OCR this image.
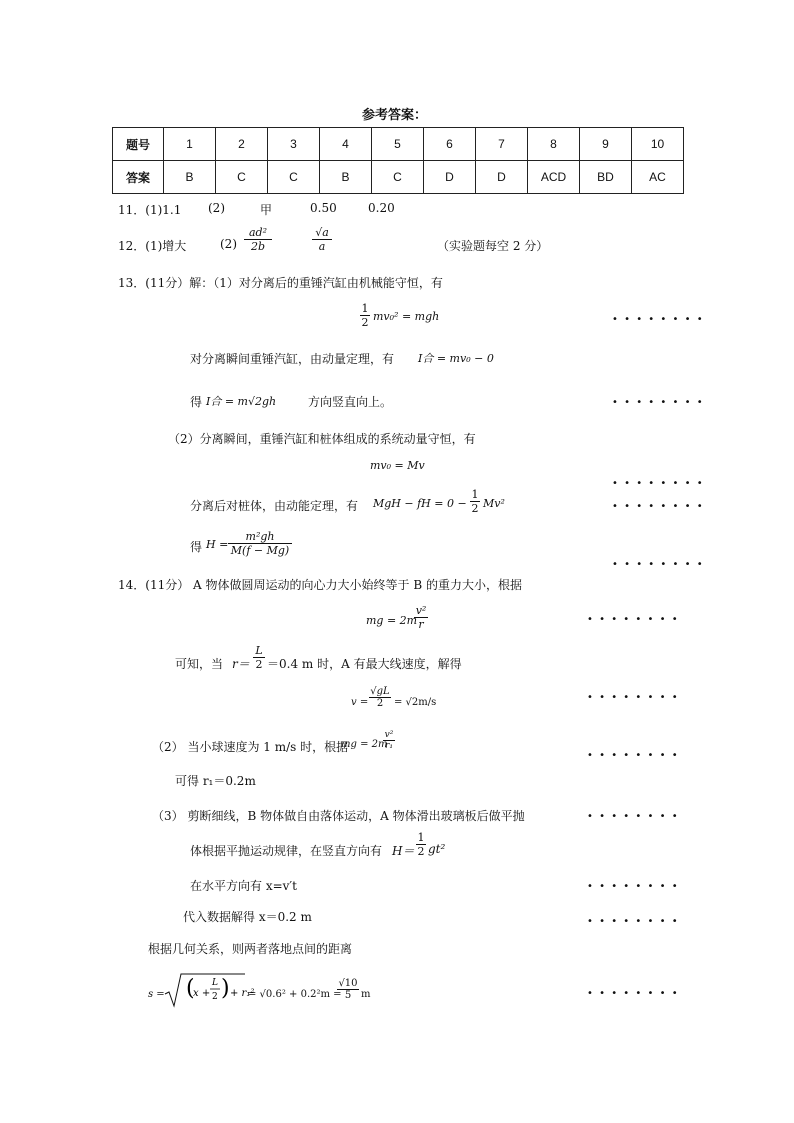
参考答案：
题号	1	2	3	4	5	6	7	8	9	10
答案	B	C	C	B	C	D	D	ACD	BD	AC
11．(1)1.1 (2)	甲	0.50	0.20
12．(1)增大	$(2) \frac{\text{ad²}}{2b}$	$\frac{√a}{a}$	（实验题每空 2 分）
13．(11分）解：（1）对分离后的重锤汽缸由机械能守恒，有
$\frac{1}{2} mv_0^2$ = mgh	••••••••
对分离瞬间重锤汽缸，由动量定理，有 I合 = mv₀ − 0
得 I合 = m√2gh	方向竖直向上。	••••••••
（2）分离瞬间，重锤汽缸和桩体组成的系统动量守恒，有
mv₀ = Mv
••••••••
分离后对桩体，由动能定理，有 MgH − fH = $0 - \frac{1}{2} Mv^2$	••••••••
得 $H = \frac{\text{m²gh}}{M(f - Mg)}$
••••••••
14．(11分） A 物体做圆周运动的向心力大小始终等于 B 的重力大小，根据
mg = 2m
$\frac{\text{v²}}{r}$	••••••••
可知，当 $r= \frac{L}{2} =0.4$ m 时，A 有最大线速度，解得
$v = \frac{√gL}{2} = √2m/s$	••••••••
（2） 当小球速度为 1 m/s 时，根据
mg = 2m
$\frac{\text{v²}}{\text{r₁}}$
••••••••
可得 r₁＝0.2m
（3） 剪断细线，B 物体做自由落体运动，A 物体滑出玻璃板后做平抛	••••••••
体根据平抛运动规律，在竖直方向有 $H= \frac{1}{2} gt^2$
在水平方向有 x=v′t	••••••••
代入数据解得 x＝0.2 m	••••••••
根据几何关系，则两者落地点间的距离
s = (
x +
L
2 ) + r₁²
= √0.6² + 0.2²m =
$\frac{√10}{5}$ m	••••••••
